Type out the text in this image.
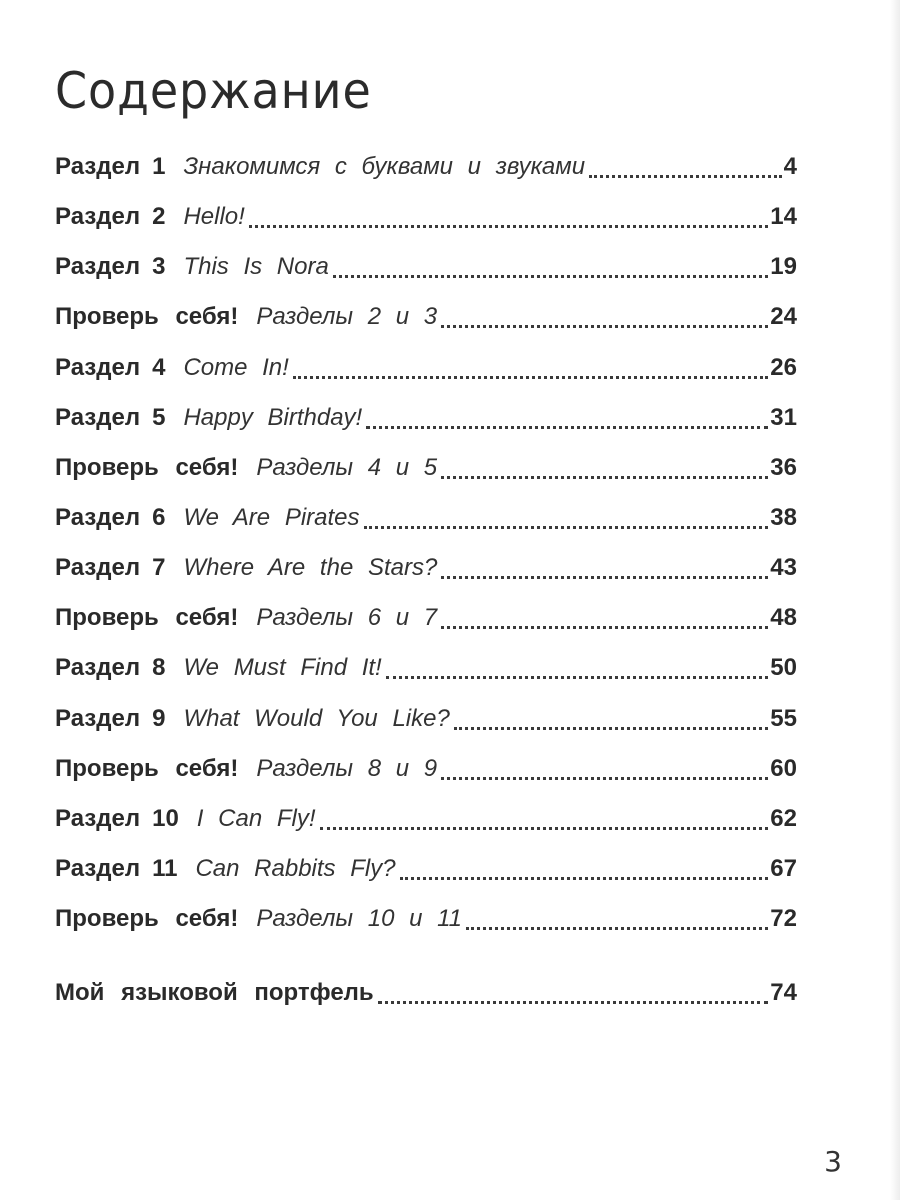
Содержание
Раздел 1 Знакомимся с буквами и звуками	4
Раздел 2 Hello!	14
Раздел 3 This Is Nora	19
Проверь себя! Разделы 2 и 3	24
Раздел 4 Come In!	26
Раздел 5 Happy Birthday!	31
Проверь себя! Разделы 4 и 5	36
Раздел 6 We Are Pirates	38
Раздел 7 Where Are the Stars?	43
Проверь себя! Разделы 6 и 7	48
Раздел 8 We Must Find It!	50
Раздел 9 What Would You Like?	55
Проверь себя! Разделы 8 и 9	60
Раздел 10 I Can Fly!	62
Раздел 11 Can Rabbits Fly?	67
Проверь себя! Разделы 10 и 11	72
Мой языковой портфель	74
3
